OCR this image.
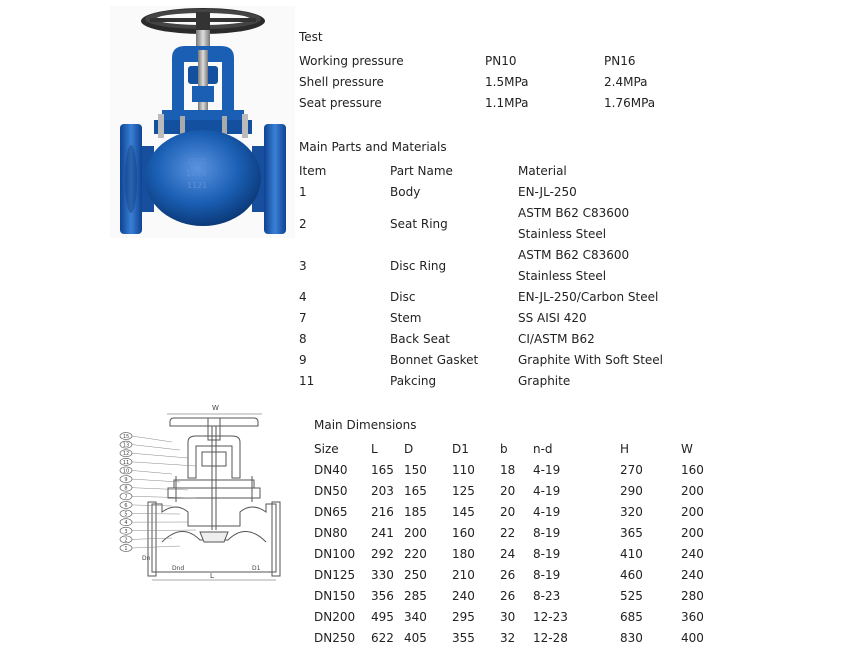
GGG
1620
1121
Test
Working pressure	PN10	PN16
Shell pressure	1.5MPa	2.4MPa
Seat pressure	1.1MPa	1.76MPa
Main Parts and Materials
Item	Part Name	Material
1	Body	EN-JL-250
2	Seat Ring	ASTM B62 C83600
Stainless Steel

3	Disc Ring	ASTM B62 C83600
Stainless Steel

4	Disc	EN-JL-250/Carbon Steel
7	Stem	SS AISI 420
8	Back Seat	CI/ASTM B62
9	Bonnet Gasket	Graphite With Soft Steel
11	Pakcing	Graphite
W
L
Dnd	D1
Dn
15
13
12
11
10
9
8
7
6
5
4
3
2
1
Main Dimensions
Size	L	D	D1	b	n-d	H	W
DN40	165	150	110	18	4-19	270	160
DN50	203	165	125	20	4-19	290	200
DN65	216	185	145	20	4-19	320	200
DN80	241	200	160	22	8-19	365	200
DN100	292	220	180	24	8-19	410	240
DN125	330	250	210	26	8-19	460	240
DN150	356	285	240	26	8-23	525	280
DN200	495	340	295	30	12-23	685	360
DN250	622	405	355	32	12-28	830	400
